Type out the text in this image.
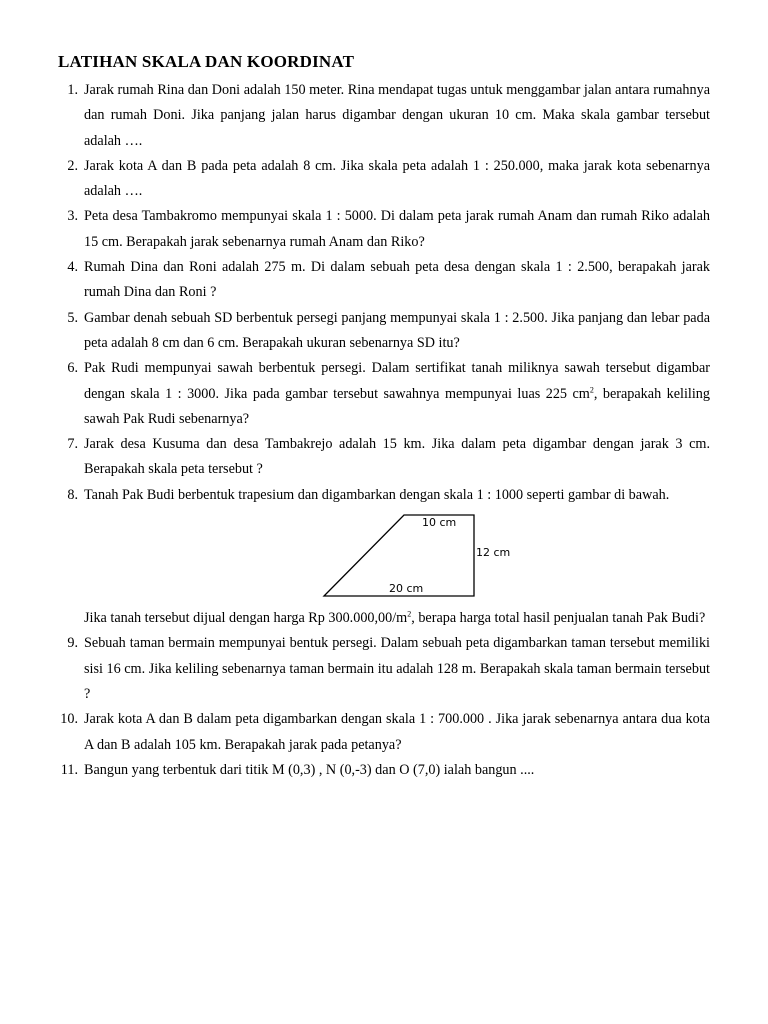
LATIHAN SKALA DAN KOORDINAT
1. Jarak rumah Rina dan Doni adalah 150 meter. Rina mendapat tugas untuk menggambar jalan antara rumahnya dan rumah Doni. Jika panjang jalan harus digambar dengan ukuran 10 cm. Maka skala gambar tersebut adalah ….
2. Jarak kota A dan B pada peta adalah 8 cm. Jika skala peta adalah 1 : 250.000, maka jarak kota sebenarnya adalah ….
3. Peta desa Tambakromo mempunyai skala 1 : 5000. Di dalam peta jarak rumah Anam dan rumah Riko adalah 15 cm. Berapakah jarak sebenarnya rumah Anam dan Riko?
4. Rumah Dina dan Roni adalah 275 m. Di dalam sebuah peta desa dengan skala 1 : 2.500, berapakah jarak rumah Dina dan Roni ?
5. Gambar denah sebuah SD berbentuk persegi panjang mempunyai skala 1 : 2.500. Jika panjang dan lebar pada peta adalah 8 cm dan 6 cm. Berapakah ukuran sebenarnya SD itu?
6. Pak Rudi mempunyai sawah berbentuk persegi. Dalam sertifikat tanah miliknya sawah tersebut digambar dengan skala 1 : 3000. Jika pada gambar tersebut sawahnya mempunyai luas 225 $cm^2$, berapakah keliling sawah Pak Rudi sebenarnya?
7. Jarak desa Kusuma dan desa Tambakrejo adalah 15 km. Jika dalam peta digambar dengan jarak 3 cm. Berapakah skala peta tersebut ?
8. Tanah Pak Budi berbentuk trapesium dan digambarkan dengan skala 1 : 1000 seperti gambar di bawah.
10 cm
12 cm
20 cm
Jika tanah tersebut dijual dengan harga Rp $300.000,00/m^2$, berapa harga total hasil penjualan tanah Pak Budi?
9. Sebuah taman bermain mempunyai bentuk persegi. Dalam sebuah peta digambarkan taman tersebut memiliki sisi 16 cm. Jika keliling sebenarnya taman bermain itu adalah 128 m. Berapakah skala taman bermain tersebut ?
10. Jarak kota A dan B dalam peta digambarkan dengan skala 1 : 700.000 . Jika jarak sebenarnya antara dua kota A dan B adalah 105 km. Berapakah jarak pada petanya?
11. Bangun yang terbentuk dari titik M (0,3) , N (0,-3) dan O (7,0) ialah bangun ....
